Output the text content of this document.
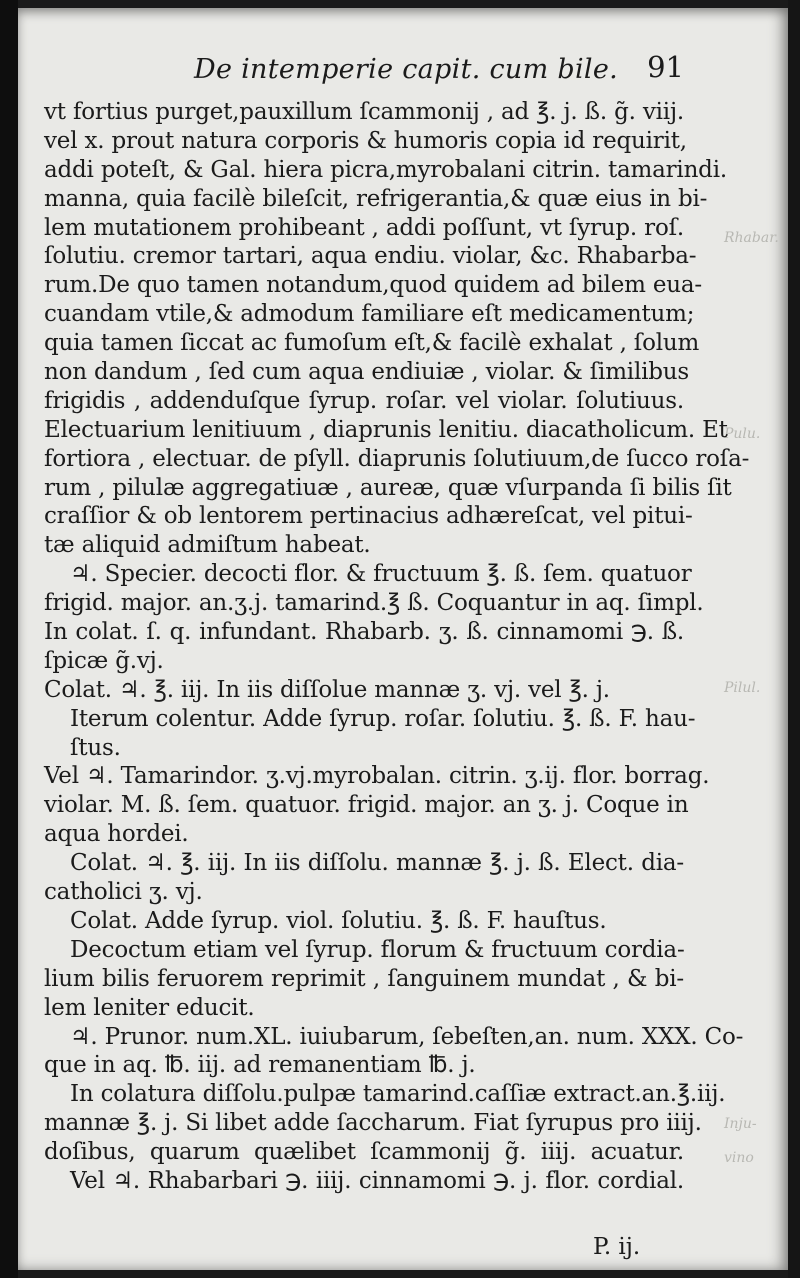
Rhabar.
Pulu.
Pilul.
Inju-
vino
De intemperie capit. cum bile. 91
vt fortius purget,pauxillum ſcammonij , ad ℥. j. ß. g̃. viij.
vel x. prout natura corporis & humoris copia id requirit,
addi poteſt, & Gal. hiera picra,myrobalani citrin. tamarindi.
manna, quia facilè bileſcit, refrigerantia,& quæ eius in bi-
lem mutationem prohibeant , addi poſſunt, vt ſyrup. roſ.
ſolutiu. cremor tartari, aqua endiu. violar, &c. Rhabarba-
rum.De quo tamen notandum,quod quidem ad bilem eua-
cuandam vtile,& admodum familiare eſt medicamentum;
quia tamen ſiccat ac fumoſum eſt,& facilè exhalat , ſolum
non dandum , ſed cum aqua endiuiæ , violar. & ſimilibus
frigidis , addenduſque ſyrup. roſar. vel violar. ſolutiuus.
Electuarium lenitiuum , diaprunis lenitiu. diacatholicum. Et
fortiora , electuar. de pſyll. diaprunis ſolutiuum,de ſucco roſa-
rum , pilulæ aggregatiuæ , aureæ, quæ vſurpanda ſi bilis ſit
craſſior & ob lentorem pertinacius adhæreſcat, vel pitui-
tæ aliquid admiſtum habeat.
♃. Specier. decocti flor. & fructuum ℥. ß. ſem. quatuor
frigid. major. an.ʒ.j. tamarind.℥ ß. Coquantur in aq. ſimpl.
In colat. ſ. q. infundant. Rhabarb. ʒ. ß. cinnamomi ℈. ß.
ſpicæ g̃.vj.
Colat. ♃. ℥. iij. In iis diſſolue mannæ ʒ. vj. vel ℥. j.
Iterum colentur. Adde ſyrup. roſar. ſolutiu. ℥. ß. F. hau-
ſtus.
Vel ♃. Tamarindor. ʒ.vj.myrobalan. citrin. ʒ.ij. flor. borrag.
violar. M. ß. ſem. quatuor. frigid. major. an ʒ. j. Coque in
aqua hordei.
Colat. ♃. ℥. iij. In iis diſſolu. mannæ ℥. j. ß. Elect. dia-
catholici ʒ. vj.
Colat. Adde ſyrup. viol. ſolutiu. ℥. ß. F. hauſtus.
Decoctum etiam vel ſyrup. florum & fructuum cordia-
lium bilis feruorem reprimit , ſanguinem mundat , & bi-
lem leniter educit.
♃. Prunor. num.XL. iuiubarum, ſebeſten,an. num. XXX. Co-
que in aq. ℔. iij. ad remanentiam ℔. j.
In colatura diſſolu.pulpæ tamarind.caſſiæ extract.an.℥.iij.
mannæ ℥. j. Si libet adde ſaccharum. Fiat ſyrupus pro iiij.
doſibus, quarum quælibet ſcammonij g̃. iiij. acuatur.
Vel ♃. Rhabarbari ℈. iiij. cinnamomi ℈. j. flor. cordial.
P. ij.
